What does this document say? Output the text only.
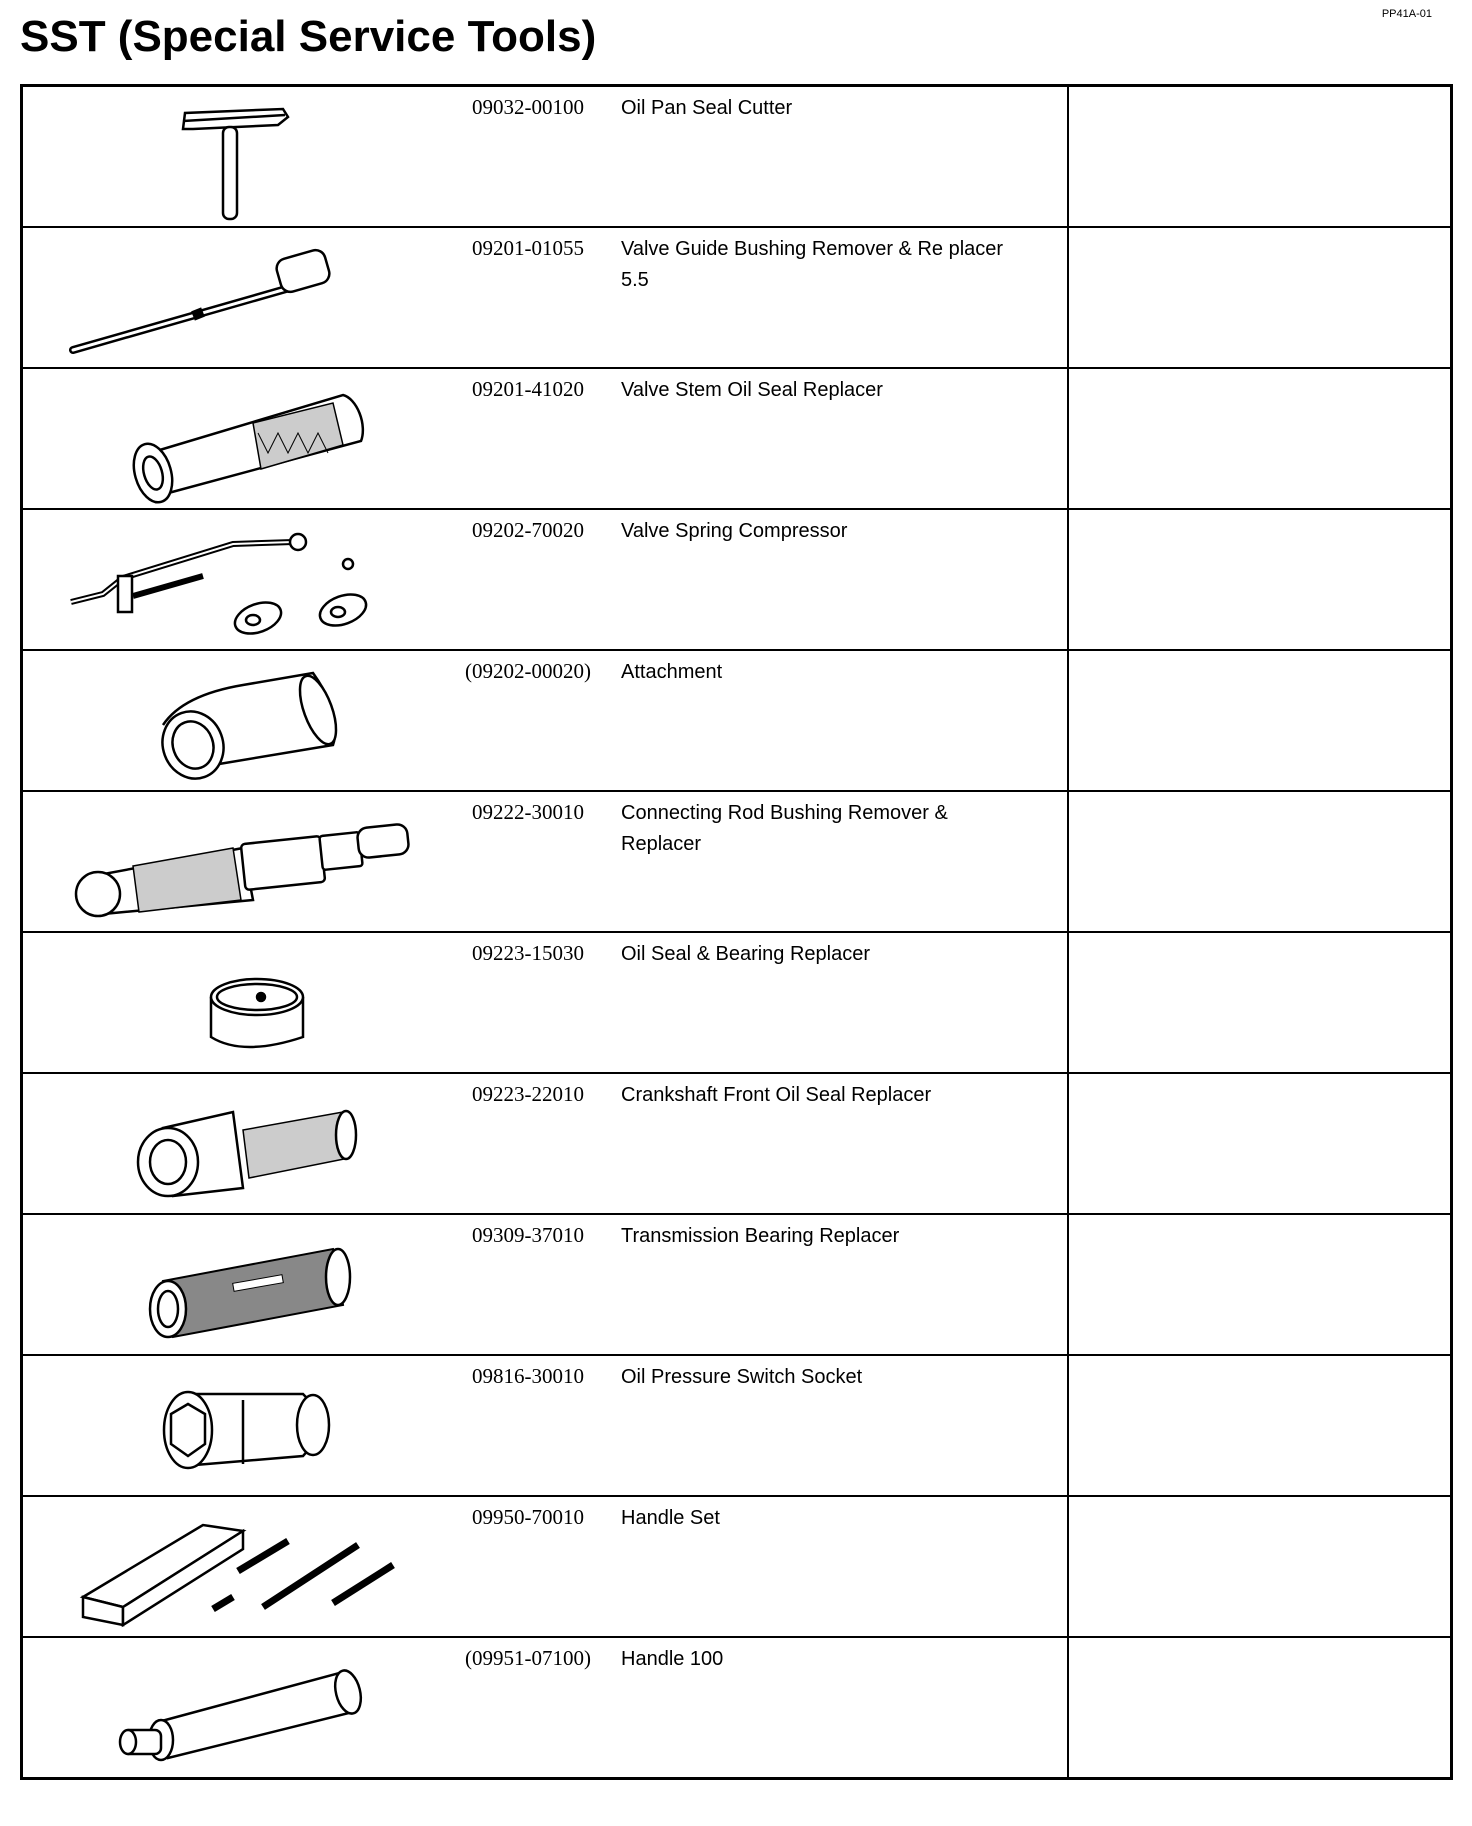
PP41A-01
SST (Special Service Tools)
09032-00100 Oil Pan Seal Cutter	

09201-01055 Valve Guide Bushing Remover & Re placer 5.5	

09201-41020 Valve Stem Oil Seal Replacer	

09202-70020 Valve Spring Compressor	

(09202-00020) Attachment	

09222-30010 Connecting Rod Bushing Remover & Replacer	

09223-15030 Oil Seal & Bearing Replacer	

09223-22010 Crankshaft Front Oil Seal Replacer	

09309-37010 Transmission Bearing Replacer	

09816-30010 Oil Pressure Switch Socket	

09950-70010 Handle Set	

(09951-07100) Handle 100	
